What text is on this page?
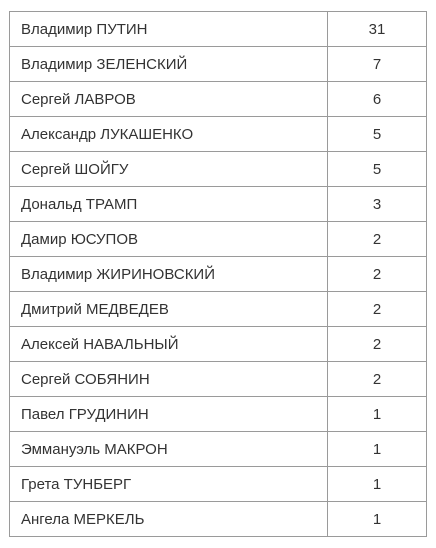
Владимир ПУТИН	31
Владимир ЗЕЛЕНСКИЙ	7
Сергей ЛАВРОВ	6
Александр ЛУКАШЕНКО	5
Сергей ШОЙГУ	5
Дональд ТРАМП	3
Дамир ЮСУПОВ	2
Владимир ЖИРИНОВСКИЙ	2
Дмитрий МЕДВЕДЕВ	2
Алексей НАВАЛЬНЫЙ	2
Сергей СОБЯНИН	2
Павел ГРУДИНИН	1
Эммануэль МАКРОН	1
Грета ТУНБЕРГ	1
Ангела МЕРКЕЛЬ	1
